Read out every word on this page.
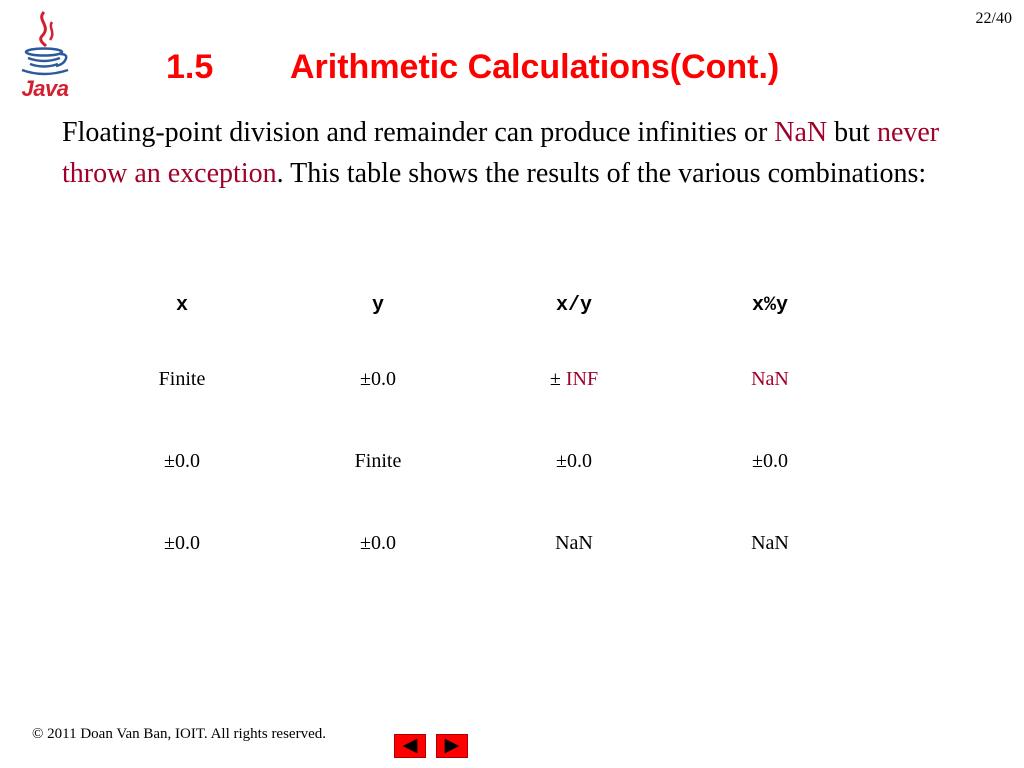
22/40
Java
1.5 Arithmetic Calculations(Cont.)
Floating-point division and remainder can produce infinities or NaN but never throw an exception. This table shows the results of the various combinations:
x	y	x/y	x%y
Finite	±0.0	± INF	NaN
±0.0	Finite	±0.0	±0.0
±0.0	±0.0	NaN	NaN
© 2011 Doan Van Ban, IOIT. All rights reserved.
